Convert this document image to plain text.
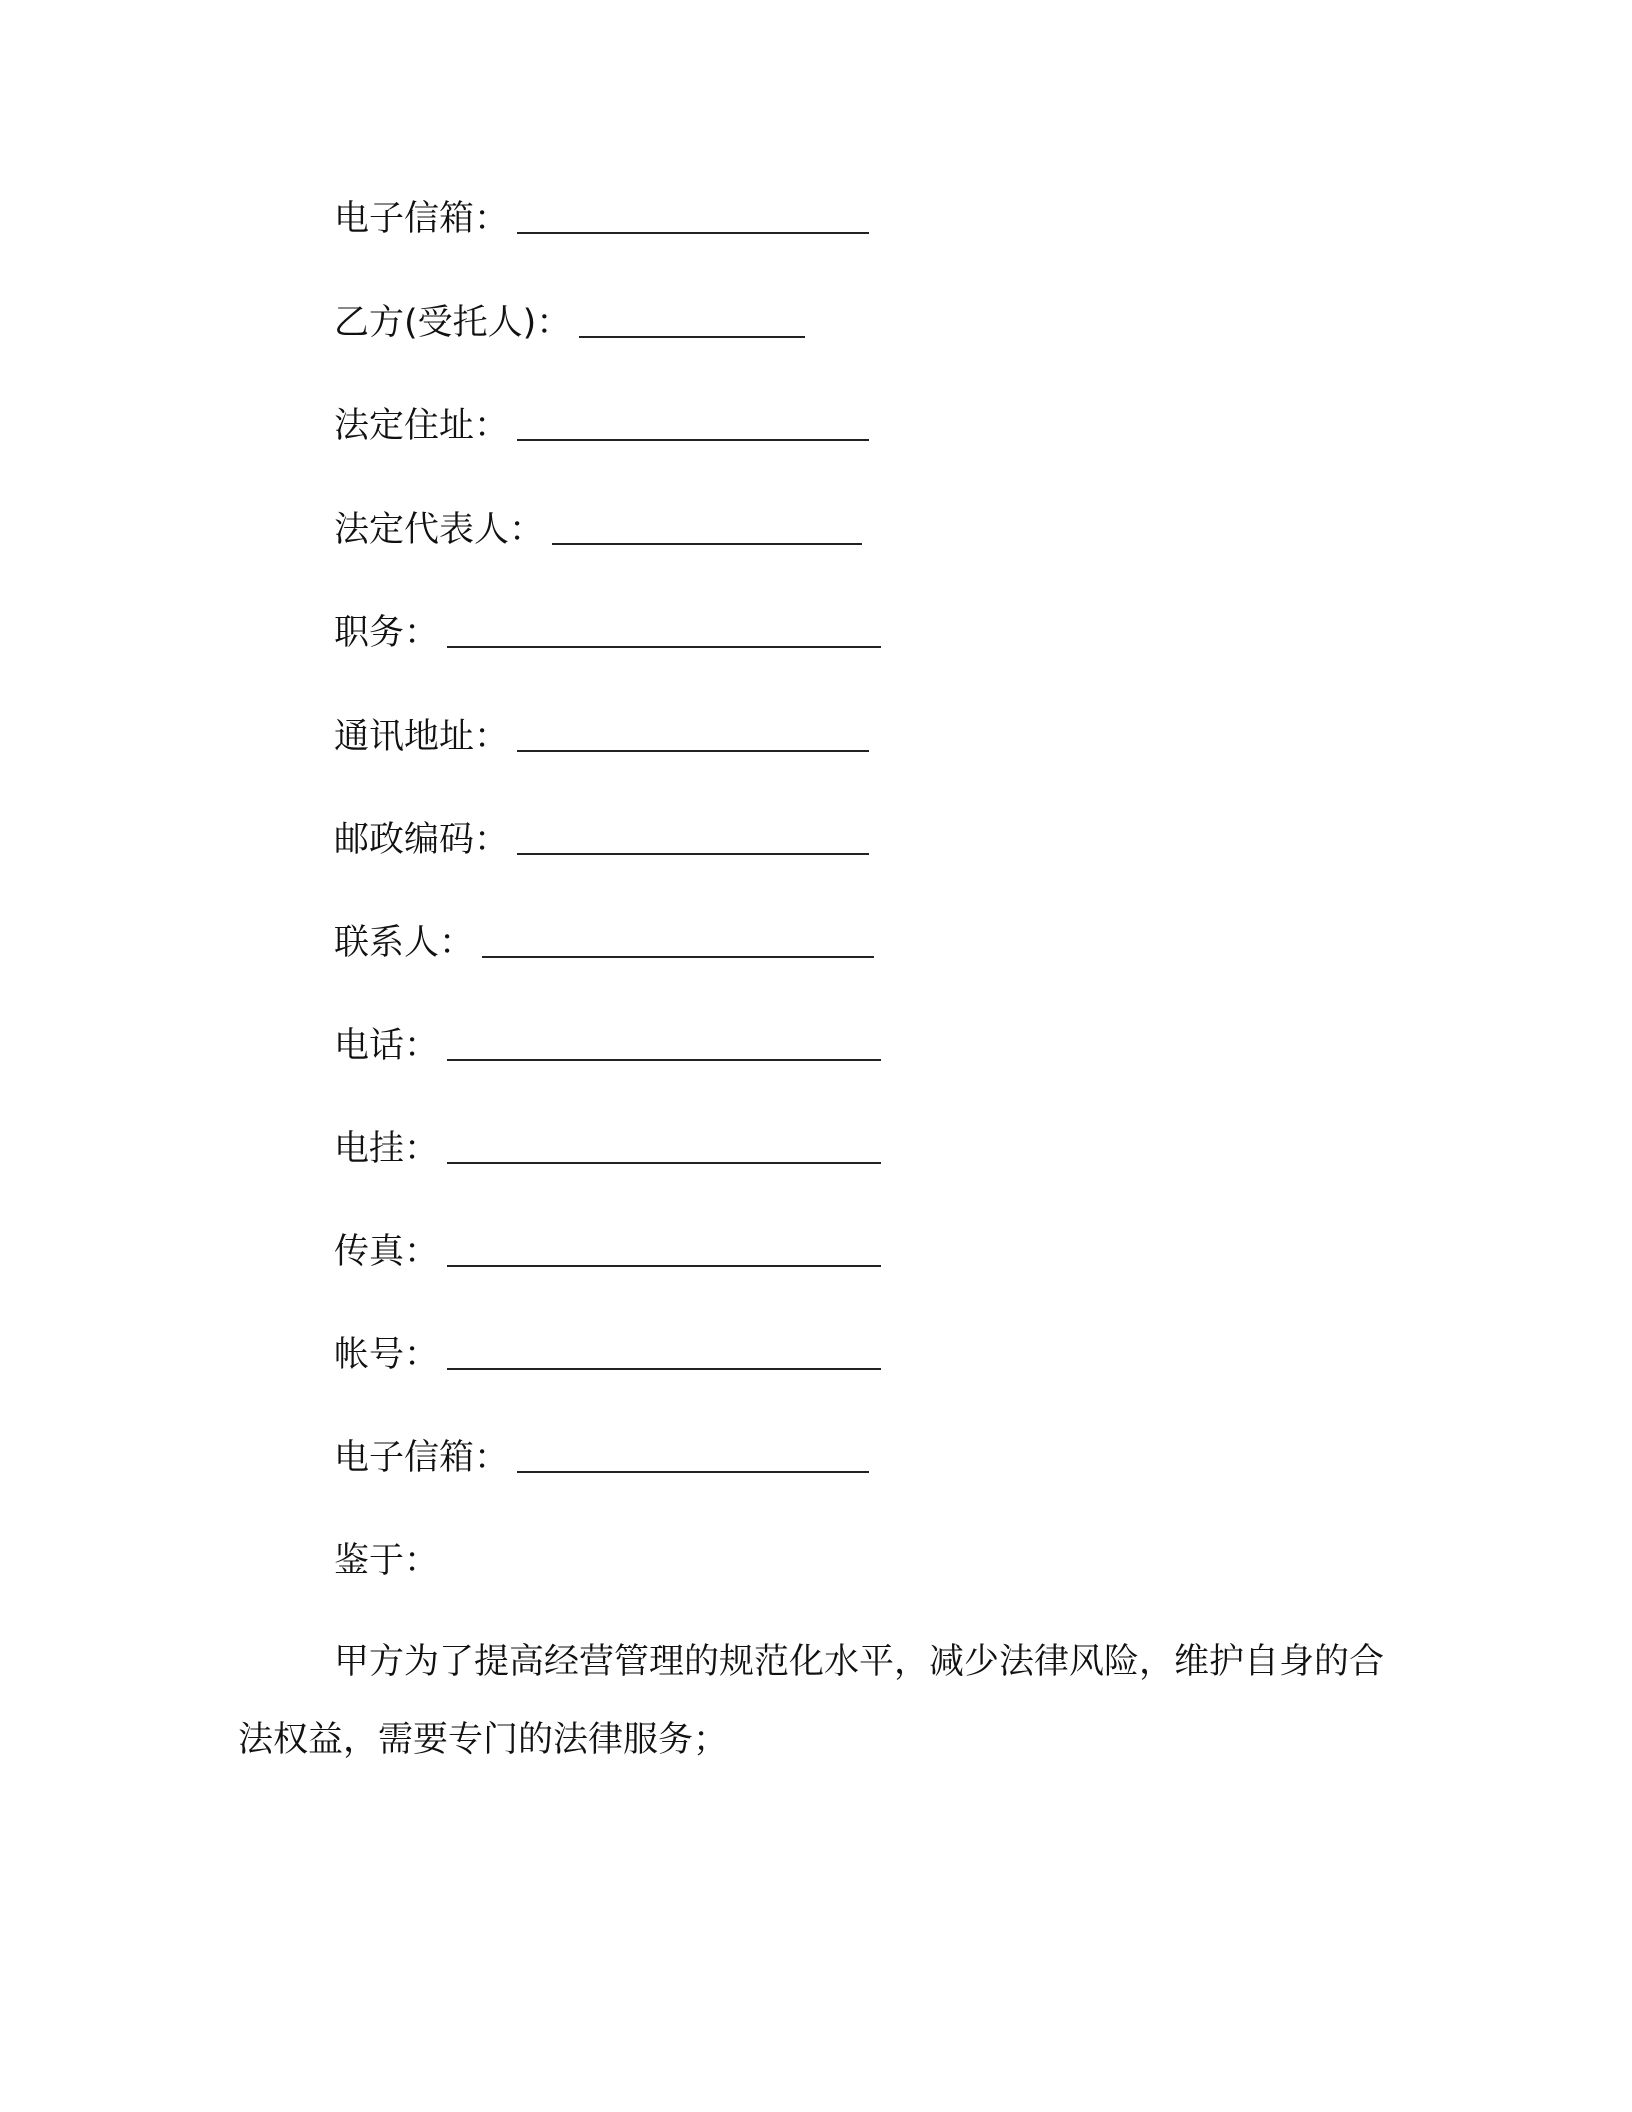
电子信箱：
乙方(受托人)：
法定住址：
法定代表人：
职务：
通讯地址：
邮政编码：
联系人：
电话：
电挂：
传真：
帐号：
电子信箱：
鉴于：

甲方为了提高经营管理的规范化水平，减少法律风险，维护自身的合法权益，需要专门的法律服务；
